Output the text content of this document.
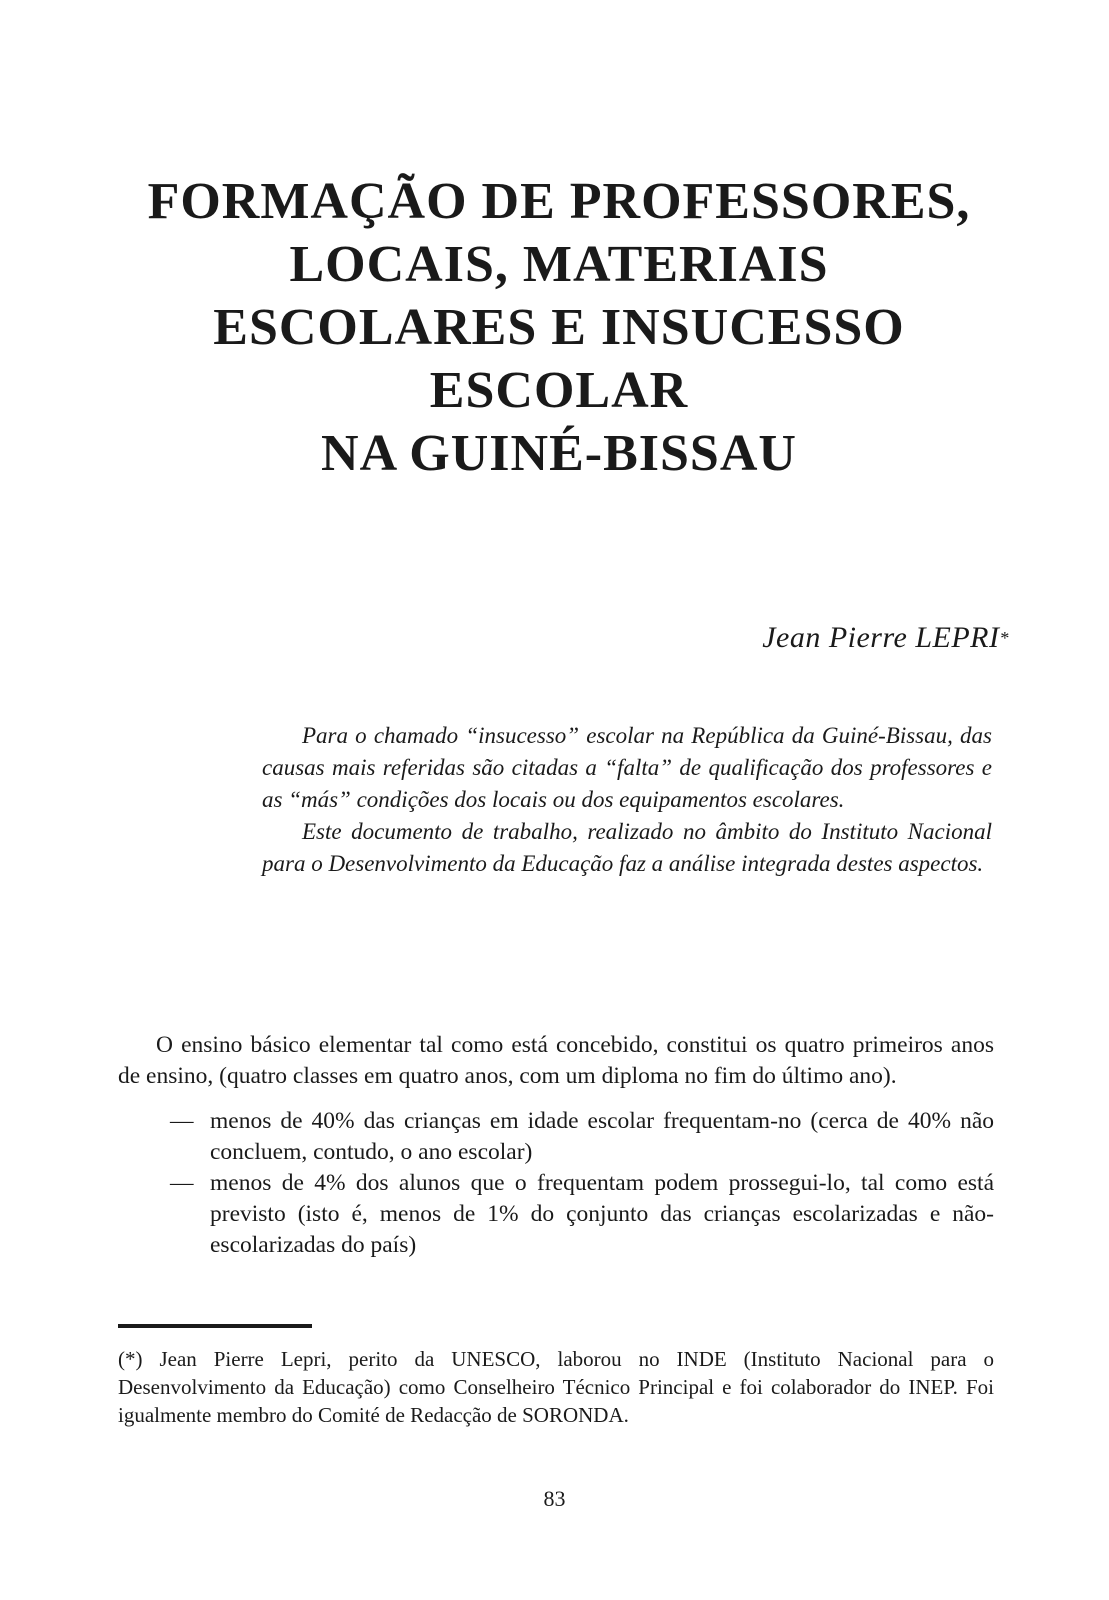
FORMAÇÃO DE PROFESSORES,
LOCAIS, MATERIAIS
ESCOLARES E INSUCESSO
ESCOLAR
NA GUINÉ-BISSAU
Jean Pierre LEPRI*

Para o chamado “insucesso” escolar na República da Guiné-Bissau, das causas mais referidas são citadas a “falta” de qualificação dos professores e as “más” condições dos locais ou dos equipamentos escolares.

Este documento de trabalho, realizado no âmbito do Instituto Nacional para o Desenvolvimento da Educação faz a análise integrada destes aspectos.

O ensino básico elementar tal como está concebido, constitui os quatro primeiros anos de ensino, (quatro classes em quatro anos, com um diploma no fim do último ano).

— menos de 40% das crianças em idade escolar frequentam-no (cerca de 40% não concluem, contudo, o ano escolar)
— menos de 4% dos alunos que o frequentam podem prossegui-lo, tal como está previsto (isto é, menos de 1% do çonjunto das crianças escolarizadas e não-escolarizadas do país)
(*) Jean Pierre Lepri, perito da UNESCO, laborou no INDE (Instituto Nacional para o Desenvolvimento da Educação) como Conselheiro Técnico Principal e foi colaborador do INEP. Foi igualmente membro do Comité de Redacção de SORONDA.
83
